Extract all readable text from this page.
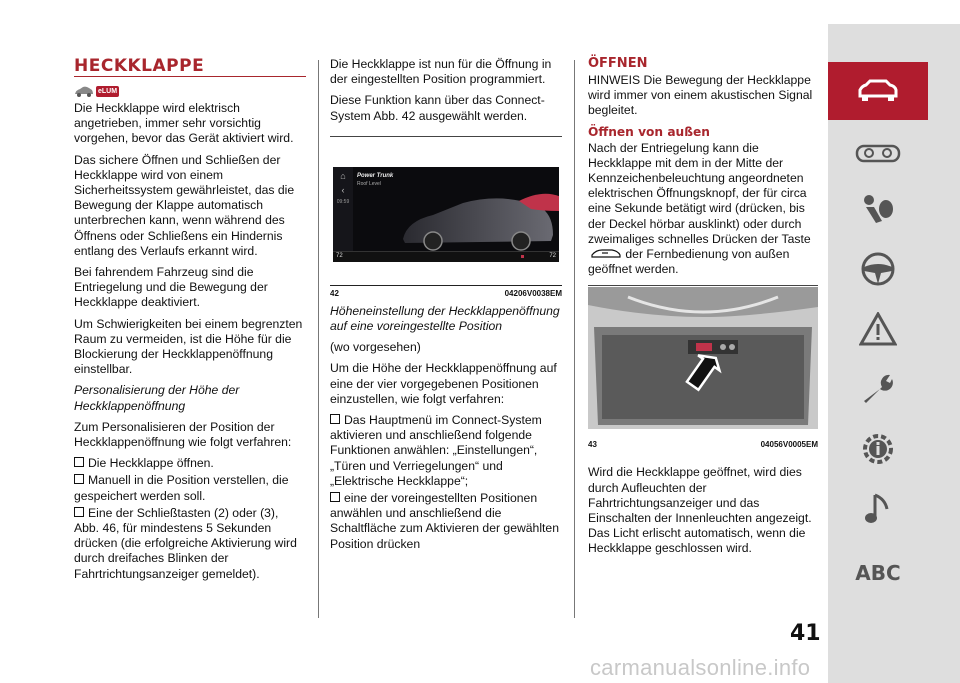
HECKKLAPPE
eLUM

Die Heckklappe wird elektrisch angetrieben, immer sehr vorsichtig vorgehen, bevor das Gerät aktiviert wird.

Das sichere Öffnen und Schließen der Heckklappe wird von einem Sicherheitssystem gewährleistet, das die Bewegung der Klappe automatisch unterbrechen kann, wenn während des Öffnens oder Schließens ein Hindernis entlang des Verlaufs erkannt wird.

Bei fahrendem Fahrzeug sind die Entriegelung und die Bewegung der Heckklappe deaktiviert.

Um Schwierigkeiten bei einem begrenzten Raum zu vermeiden, ist die Höhe für die Blockierung der Heckklappenöffnung einstellbar.

Personalisierung der Höhe der Heckklappenöffnung

Zum Personalisieren der Position der Heckklappenöffnung wie folgt verfahren:

Die Heckklappe öffnen.

Manuell in die Position verstellen, die gespeichert werden soll.

Eine der Schließtasten (2) oder (3), Abb. 46, für mindestens 5 Sekunden drücken (die erfolgreiche Aktivierung wird durch dreifaches Blinken der Fahrtrichtungsanzeiger gemeldet).

Die Heckklappe ist nun für die Öffnung in der eingestellten Position programmiert.

Diese Funktion kann über das Connect-System Abb. 42 ausgewählt werden.

⌂
‹
09:59
Power Trunk
Roof Level
72	72
42	04206V0038EM

Höheneinstellung der Heckklappenöffnung auf eine voreingestellte Position

(wo vorgesehen)

Um die Höhe der Heckklappenöffnung auf eine der vier vorgegebenen Positionen einzustellen, wie folgt verfahren:

Das Hauptmenü im Connect-System aktivieren und anschließend folgende Funktionen anwählen: „Einstellungen“, „Türen und Verriegelungen“ und „Elektrische Heckklappe“;

eine der voreingestellten Positionen anwählen und anschließend die Schaltfläche zum Aktivieren der gewählten Position drücken

ÖFFNEN

HINWEIS Die Bewegung der Heckklappe wird immer von einem akustischen Signal begleitet.

Öffnen von außen

Nach der Entriegelung kann die Heckklappe mit dem in der Mitte der Kennzeichenbeleuchtung angeordneten elektrischen Öffnungsknopf, der für circa eine Sekunde betätigt wird (drücken, bis der Deckel hörbar ausklinkt) oder durch zweimaliges schnelles Drücken der Taste  der Fernbedienung von außen geöffnet werden.

43	04056V0005EM

Wird die Heckklappe geöffnet, wird dies durch Aufleuchten der Fahrtrichtungsanzeiger und das Einschalten der Innenleuchten angezeigt. Das Licht erlischt automatisch, wenn die Heckklappe geschlossen wird.

ABC
41
carmanualsonline.info
